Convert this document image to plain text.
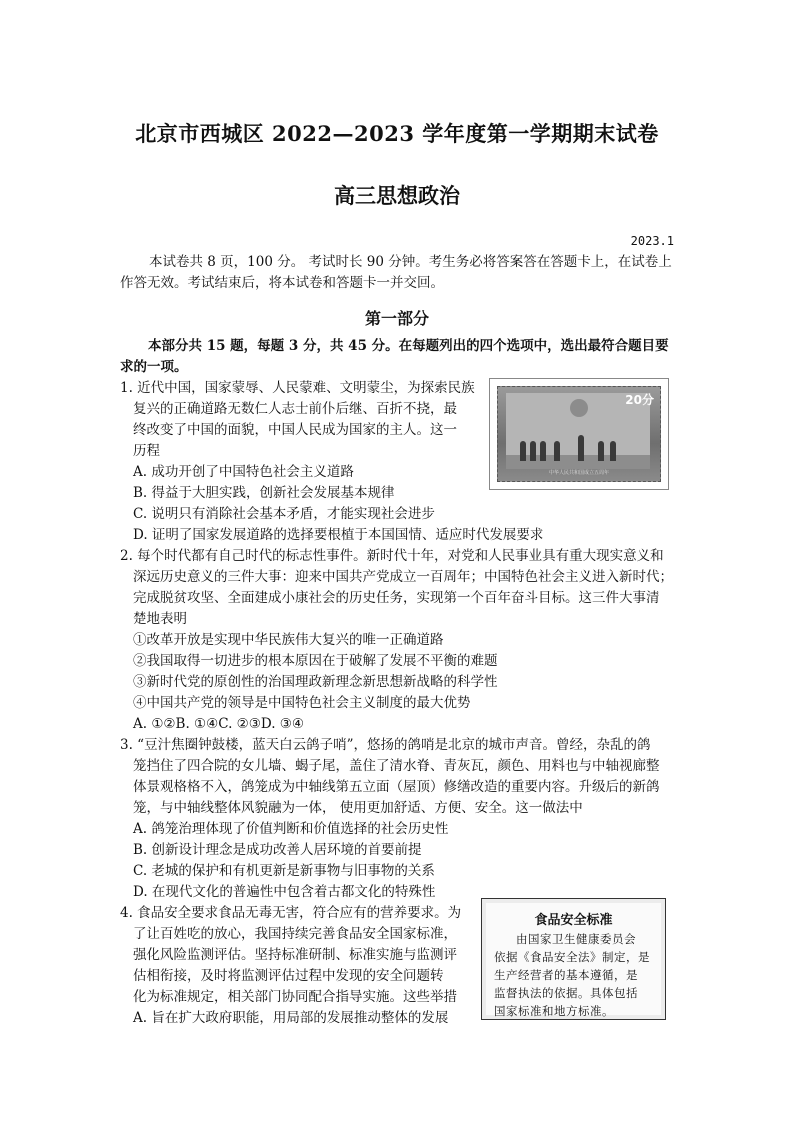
北京市西城区 2022—2023 学年度第一学期期末试卷
高三思想政治
2023.1
本试卷共 8 页，100 分。 考试时长 90 分钟。考生务必将答案答在答题卡上，在试卷上
作答无效。考试结束后，将本试卷和答题卡一并交回。
第一部分
本部分共 15 题，每题 3 分，共 45 分。在每题列出的四个选项中，选出最符合题目要
求的一项。
1. 近代中国，国家蒙辱、人民蒙难、文明蒙尘，为探索民族
复兴的正确道路无数仁人志士前仆后继、百折不挠，最
终改变了中国的面貌，中国人民成为国家的主人。这一
历程
A. 成功开创了中国特色社会主义道路
B. 得益于大胆实践，创新社会发展基本规律
C. 说明只有消除社会基本矛盾，才能实现社会进步
D. 证明了国家发展道路的选择要根植于本国国情、适应时代发展要求
20分
中华人民共和国成立五周年
2. 每个时代都有自己时代的标志性事件。新时代十年，对党和人民事业具有重大现实意义和
深远历史意义的三件大事：迎来中国共产党成立一百周年；中国特色社会主义进入新时代；
完成脱贫攻坚、全面建成小康社会的历史任务，实现第一个百年奋斗目标。这三件大事清
楚地表明
①改革开放是实现中华民族伟大复兴的唯一正确道路
②我国取得一切进步的根本原因在于破解了发展不平衡的难题
③新时代党的原创性的治国理政新理念新思想新战略的科学性
④中国共产党的领导是中国特色社会主义制度的最大优势
A. ①②B. ①④C. ②③D. ③④
3. “豆汁焦圈钟鼓楼，蓝天白云鸽子哨”，悠扬的鸽哨是北京的城市声音。曾经，杂乱的鸽
笼挡住了四合院的女儿墙、蝎子尾，盖住了清水脊、青灰瓦，颜色、用料也与中轴视廊整
体景观格格不入，鸽笼成为中轴线第五立面（屋顶）修缮改造的重要内容。升级后的新鸽
笼，与中轴线整体风貌融为一体， 使用更加舒适、方便、安全。这一做法中
A. 鸽笼治理体现了价值判断和价值选择的社会历史性
B. 创新设计理念是成功改善人居环境的首要前提
C. 老城的保护和有机更新是新事物与旧事物的关系
D. 在现代文化的普遍性中包含着古都文化的特殊性
4. 食品安全要求食品无毒无害，符合应有的营养要求。为
了让百姓吃的放心，我国持续完善食品安全国家标准，
强化风险监测评估。坚持标准研制、标准实施与监测评
估相衔接，及时将监测评估过程中发现的安全问题转
化为标准规定，相关部门协同配合指导实施。这些举措
A. 旨在扩大政府职能，用局部的发展推动整体的发展
食品安全标准
由国家卫生健康委员会
依据《食品安全法》制定，是
生产经营者的基本遵循，是
监督执法的依据。具体包括
国家标准和地方标准。
